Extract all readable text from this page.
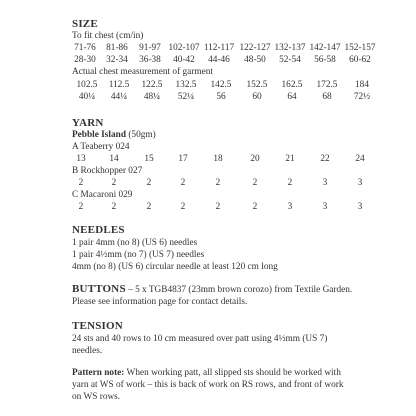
SIZE
To fit chest (cm/in)
71-76	81-86	91-97 102-107 112-117 122-127 132-137 142-147 152-157
28-30	32-34	36-38	40-42	44-46	48-50	52-54	56-58	60-62
Actual chest measurement of garment
102.5	112.5	122.5	132.5	142.5	152.5	162.5	172.5	184
40¼	44¼	48¼	52¼	56	60	64	68	72½
YARN
Pebble Island (50gm)
A Teaberry 024
13	14	15	17	18	20	21	22	24
B Rockhopper 027
2	2	2	2	2	2	2	3	3
C Macaroni 029
2	2	2	2	2	2	3	3	3
NEEDLES
1 pair 4mm (no 8) (US 6) needles
1 pair 4½mm (no 7) (US 7) needles
4mm (no 8) (US 6) circular needle at least 120 cm long
BUTTONS – 5 x TGB4837 (23mm brown corozo) from Textile Garden.
Please see information page for contact details.
TENSION
24 sts and 40 rows to 10 cm measured over patt using 4½mm (US 7)
needles.
Pattern note: When working patt, all slipped sts should be worked with
yarn at WS of work – this is back of work on RS rows, and front of work
on WS rows.
